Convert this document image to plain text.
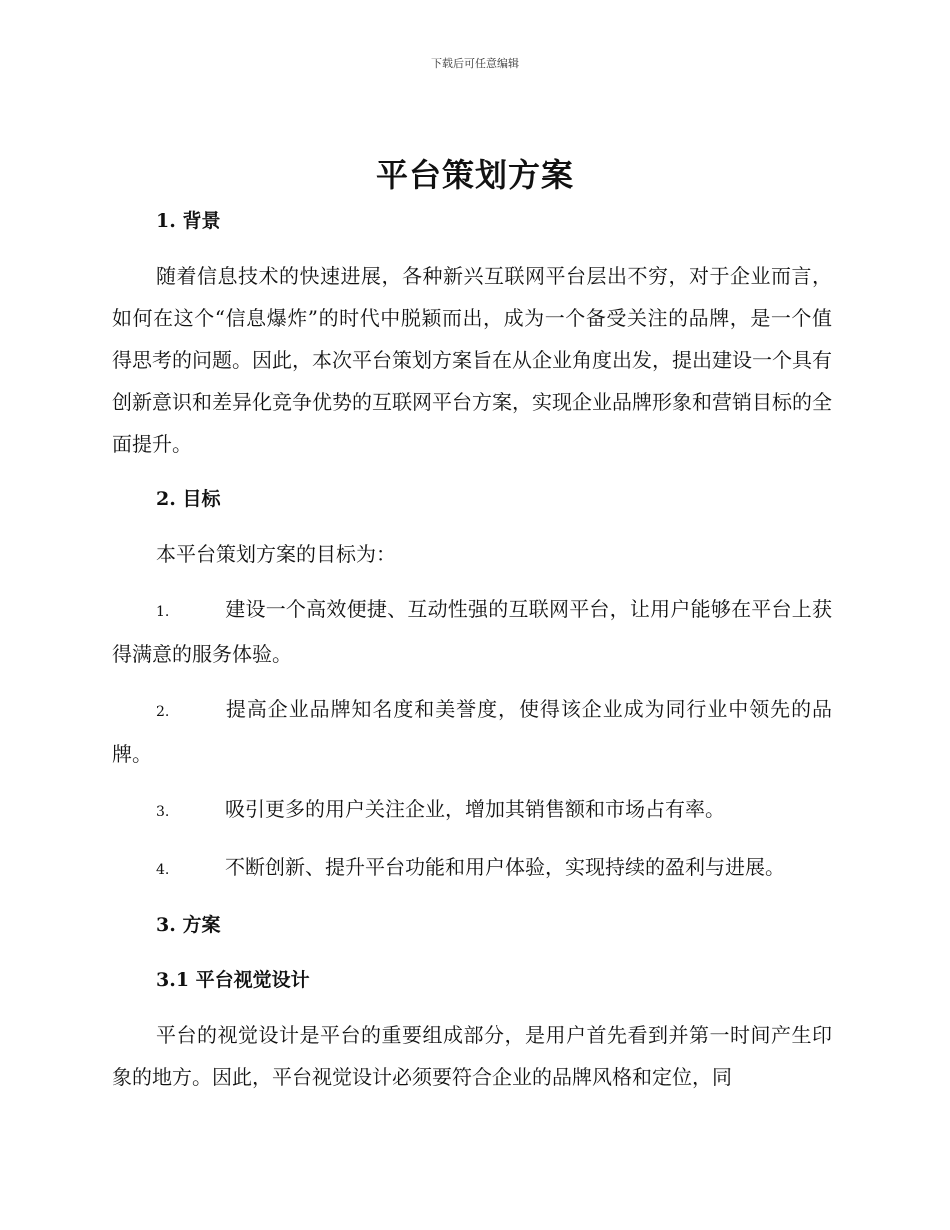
下载后可任意编辑
平台策划方案

1. 背景

随着信息技术的快速进展，各种新兴互联网平台层出不穷，对于企业而言，如何在这个“信息爆炸”的时代中脱颖而出，成为一个备受关注的品牌，是一个值得思考的问题。因此，本次平台策划方案旨在从企业角度出发，提出建设一个具有创新意识和差异化竞争优势的互联网平台方案，实现企业品牌形象和营销目标的全面提升。

2. 目标

本平台策划方案的目标为：

1.	建设一个高效便捷、互动性强的互联网平台，让用户能够在平台上获得满意的服务体验。

2.	提高企业品牌知名度和美誉度，使得该企业成为同行业中领先的品牌。

3.	吸引更多的用户关注企业，增加其销售额和市场占有率。

4.	不断创新、提升平台功能和用户体验，实现持续的盈利与进展。

3. 方案

3.1 平台视觉设计

平台的视觉设计是平台的重要组成部分，是用户首先看到并第一时间产生印象的地方。因此，平台视觉设计必须要符合企业的品牌风格和定位，同
